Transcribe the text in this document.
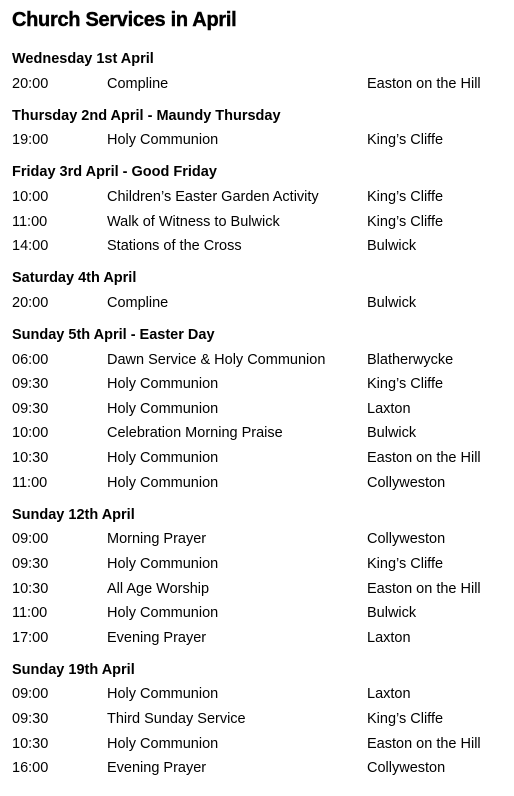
Church Services in April
Wednesday 1st April
20:00	Compline	Easton on the Hill
Thursday 2nd April - Maundy Thursday
19:00	Holy Communion	King’s Cliffe
Friday 3rd April - Good Friday
10:00	Children’s Easter Garden Activity	King’s Cliffe
11:00	Walk of Witness to Bulwick	King’s Cliffe
14:00	Stations of the Cross	Bulwick
Saturday 4th April
20:00	Compline	Bulwick
Sunday 5th April - Easter Day
06:00	Dawn Service & Holy Communion	Blatherwycke
09:30	Holy Communion	King’s Cliffe
09:30	Holy Communion	Laxton
10:00	Celebration Morning Praise	Bulwick
10:30	Holy Communion	Easton on the Hill
11:00	Holy Communion	Collyweston
Sunday 12th April
09:00	Morning Prayer	Collyweston
09:30	Holy Communion	King’s Cliffe
10:30	All Age Worship	Easton on the Hill
11:00	Holy Communion	Bulwick
17:00	Evening Prayer	Laxton
Sunday 19th April
09:00	Holy Communion	Laxton
09:30	Third Sunday Service	King’s Cliffe
10:30	Holy Communion	Easton on the Hill
16:00	Evening Prayer	Collyweston
